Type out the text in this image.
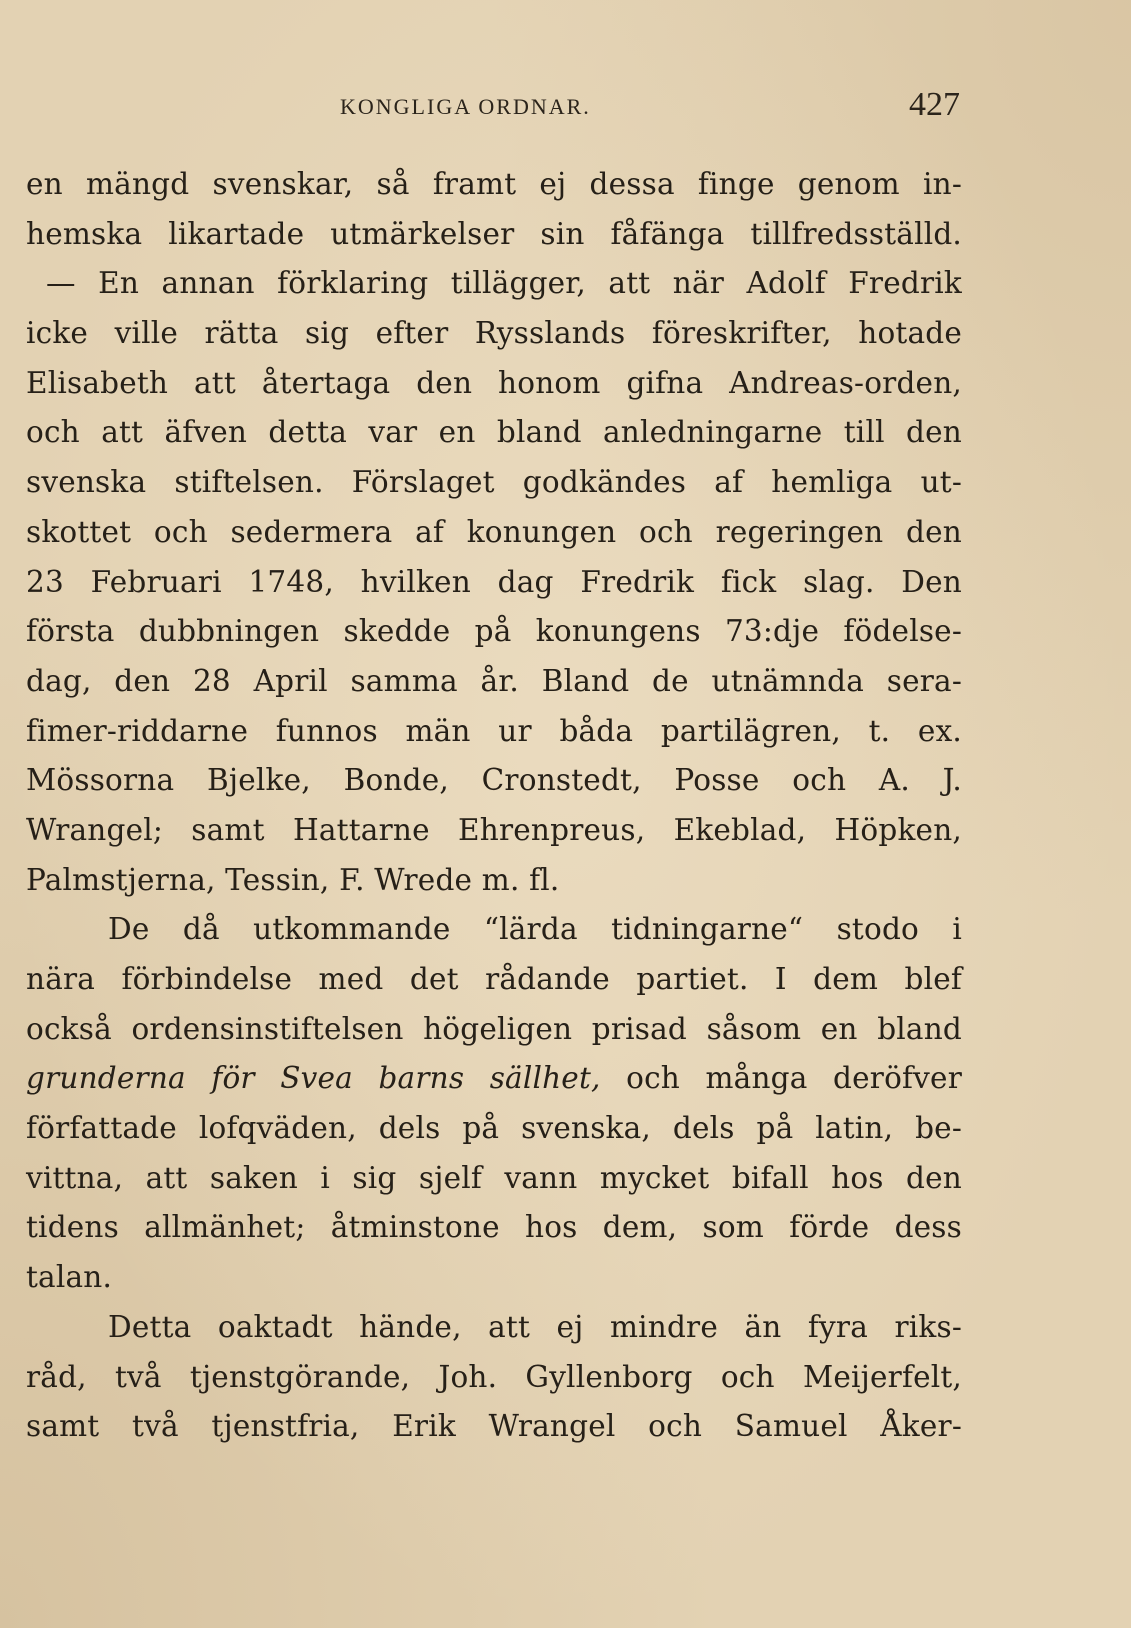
KONGLIGA ORDNAR.	427
en mängd svenskar, så framt ej dessa finge genom in-
hemska likartade utmärkelser sin fåfänga tillfredsställd.
— En annan förklaring tillägger, att när Adolf Fredrik
icke ville rätta sig efter Rysslands föreskrifter, hotade
Elisabeth att återtaga den honom gifna Andreas-orden,
och att äfven detta var en bland anledningarne till den
svenska stiftelsen. Förslaget godkändes af hemliga ut-
skottet och sedermera af konungen och regeringen den
23 Februari 1748, hvilken dag Fredrik fick slag. Den
första dubbningen skedde på konungens 73:dje födelse-
dag, den 28 April samma år. Bland de utnämnda sera-
fimer-riddarne funnos män ur båda partilägren, t. ex.
Mössorna Bjelke, Bonde, Cronstedt, Posse och A. J.
Wrangel; samt Hattarne Ehrenpreus, Ekeblad, Höpken,
Palmstjerna, Tessin, F. Wrede m. fl.
De då utkommande “lärda tidningarne“ stodo i
nära förbindelse med det rådande partiet. I dem blef
också ordensinstiftelsen högeligen prisad såsom en bland
grunderna för Svea barns sällhet, och många deröfver
författade lofqväden, dels på svenska, dels på latin, be-
vittna, att saken i sig sjelf vann mycket bifall hos den
tidens allmänhet; åtminstone hos dem, som förde dess
talan.
Detta oaktadt hände, att ej mindre än fyra riks-
råd, två tjenstgörande, Joh. Gyllenborg och Meijerfelt,
samt två tjenstfria, Erik Wrangel och Samuel Åker-
